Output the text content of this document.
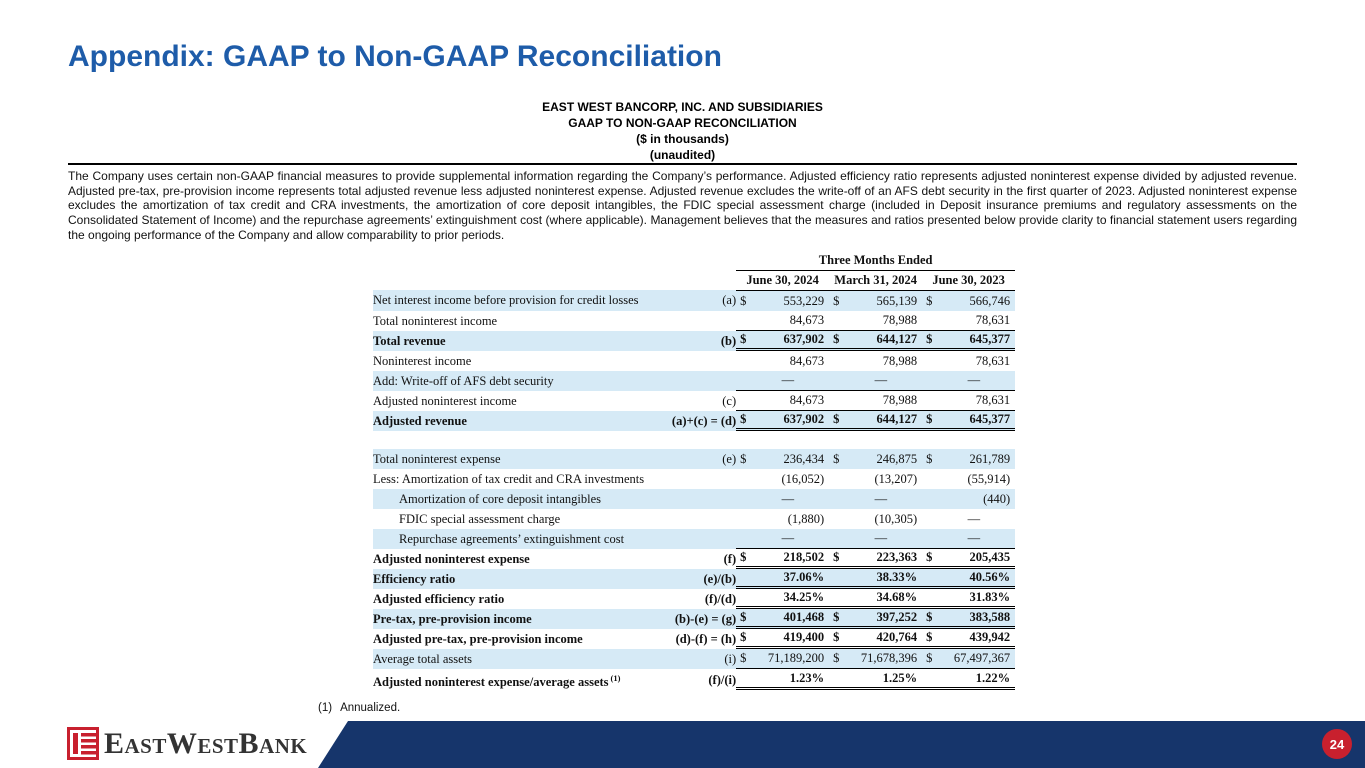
Appendix: GAAP to Non-GAAP Reconciliation
EAST WEST BANCORP, INC. AND SUBSIDIARIES
GAAP TO NON-GAAP RECONCILIATION
($ in thousands)
(unaudited)

The Company uses certain non-GAAP financial measures to provide supplemental information regarding the Company’s performance. Adjusted efficiency ratio represents adjusted noninterest expense divided by adjusted revenue. Adjusted pre-tax, pre-provision income represents total adjusted revenue less adjusted noninterest expense. Adjusted revenue excludes the write-off of an AFS debt security in the first quarter of 2023. Adjusted noninterest expense excludes the amortization of tax credit and CRA investments, the amortization of core deposit intangibles, the FDIC special assessment charge (included in Deposit insurance premiums and regulatory assessments on the Consolidated Statement of Income) and the repurchase agreements’ extinguishment cost (where applicable). Management believes that the measures and ratios presented below provide clarity to financial statement users regarding the ongoing performance of the Company and allow comparability to prior periods.

		Three Months Ended		
		June 30, 2024	March 31, 2024	June 30, 2023
Net interest income before provision for credit losses	(a)	$ 553,229	$ 565,139	$ 566,746

Total noninterest income		84,673	78,988	78,631

Total revenue	(b)	$ 637,902	$ 644,127	$ 645,377

Noninterest income		84,673	78,988	78,631

Add: Write-off of AFS debt security		—	—	—

Adjusted noninterest income	(c)	84,673	78,988	78,631

Adjusted revenue	(a)+(c) = (d)	$ 637,902	$ 644,127	$ 645,377

Total noninterest expense	(e)	$ 236,434	$ 246,875	$ 261,789

Less: Amortization of tax credit and CRA investments		(16,052)	(13,207)	(55,914)

Amortization of core deposit intangibles		—	—	(440)

FDIC special assessment charge		(1,880)	(10,305)	—

Repurchase agreements’ extinguishment cost		—	—	—

Adjusted noninterest expense	(f)	$ 218,502	$ 223,363	$ 205,435

Efficiency ratio	(e)/(b)	37.06%	38.33%	40.56%

Adjusted efficiency ratio	(f)/(d)	34.25%	34.68%	31.83%

Pre-tax, pre-provision income	(b)-(e) = (g)	$ 401,468	$ 397,252	$ 383,588

Adjusted pre-tax, pre-provision income	(d)-(f) = (h)	$ 419,400	$ 420,764	$ 439,942

Average total assets	(i)	$ 71,189,200	$ 71,678,396	$ 67,497,367

Adjusted noninterest expense/average assets $^{(1)}$	(f)/(i)	1.23%	1.25%	1.22%
(1) Annualized.
EastWestBank	24
